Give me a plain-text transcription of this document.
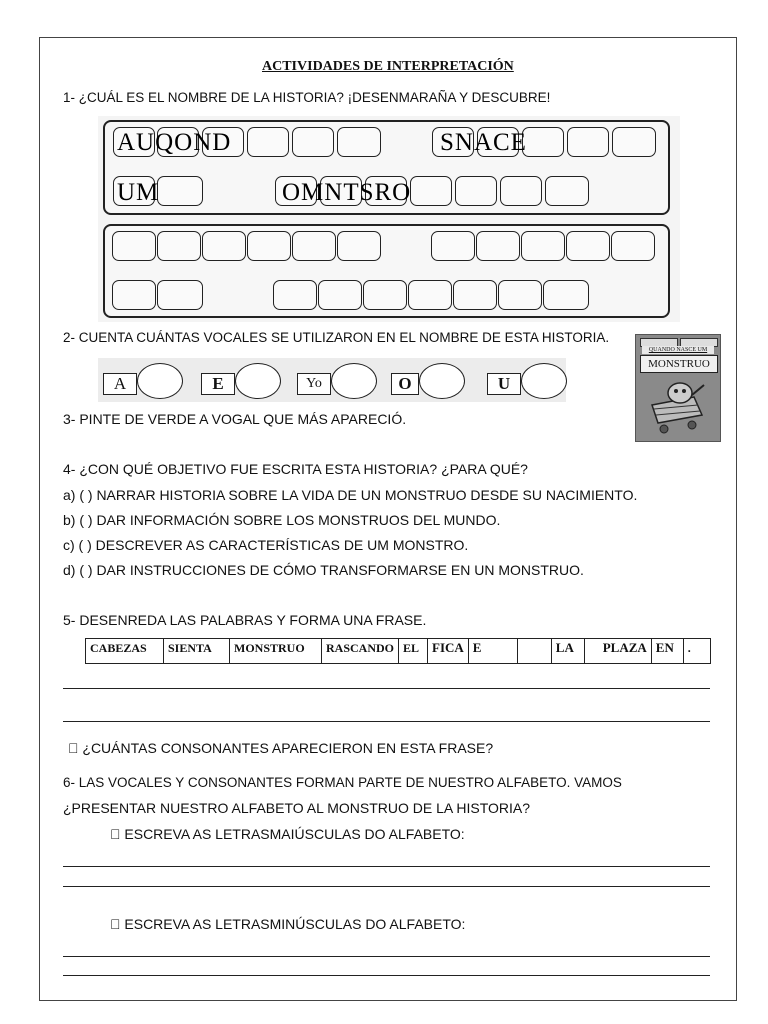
ACTIVIDADES DE INTERPRETACIÓN
1- ¿CUÁL ES EL NOMBRE DE LA HISTORIA? ¡DESENMARAÑA Y DESCUBRE!
AUQOND	SNACE
UM	OMNTSRO
2- CUENTA CUÁNTAS VOCALES SE UTILIZARON EN EL NOMBRE DE ESTA HISTORIA.
A	E	Yo	O	U
QUANDO NASCE UM
MONSTRUO
3- PINTE DE VERDE A VOGAL QUE MÁS APARECIÓ.
4- ¿CON QUÉ OBJETIVO FUE ESCRITA ESTA HISTORIA? ¿PARA QUÉ?
a) ( ) NARRAR HISTORIA SOBRE LA VIDA DE UN MONSTRUO DESDE SU NACIMIENTO.
b) ( ) DAR INFORMACIÓN SOBRE LOS MONSTRUOS DEL MUNDO.
c) ( ) DESCREVER AS CARACTERÍSTICAS DE UM MONSTRO.
d) ( ) DAR INSTRUCCIONES DE CÓMO TRANSFORMARSE EN UN MONSTRUO.
5- DESENREDA LAS PALABRAS Y FORMA UNA FRASE.
CABEZAS	SIENTA	MONSTRUO	RASCANDO	EL	FICA	E		LA	PLAZA	EN	.
¿CUÁNTAS CONSONANTES APARECIERON EN ESTA FRASE?
6- LAS VOCALES Y CONSONANTES FORMAN PARTE DE NUESTRO ALFABETO. VAMOS
¿PRESENTAR NUESTRO ALFABETO AL MONSTRUO DE LA HISTORIA?
ESCREVA AS LETRASMAIÚSCULAS DO ALFABETO:
ESCREVA AS LETRASMINÚSCULAS DO ALFABETO:
